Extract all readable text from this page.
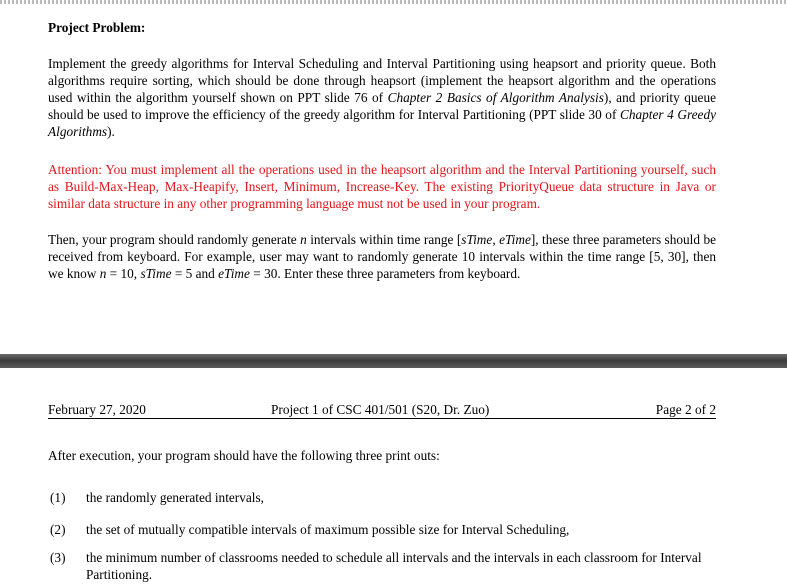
Project Problem:
Implement the greedy algorithms for Interval Scheduling and Interval Partitioning using heapsort and priority queue. Both algorithms require sorting, which should be done through heapsort (implement the heapsort algorithm and the operations used within the algorithm yourself shown on PPT slide 76 of Chapter 2 Basics of Algorithm Analysis), and priority queue should be used to improve the efficiency of the greedy algorithm for Interval Partitioning (PPT slide 30 of Chapter 4 Greedy Algorithms).
Attention: You must implement all the operations used in the heapsort algorithm and the Interval Partitioning yourself, such as Build-Max-Heap, Max-Heapify, Insert, Minimum, Increase-Key. The existing PriorityQueue data structure in Java or similar data structure in any other programming language must not be used in your program.
Then, your program should randomly generate n intervals within time range [sTime, eTime], these three parameters should be received from keyboard. For example, user may want to randomly generate 10 intervals within the time range [5, 30], then we know n = 10, sTime = 5 and eTime = 30. Enter these three parameters from keyboard.
February 27, 2020	Project 1 of CSC 401/501 (S20, Dr. Zuo)	Page 2 of 2
After execution, your program should have the following three print outs:
(1) the randomly generated intervals,
(2) the set of mutually compatible intervals of maximum possible size for Interval Scheduling,
(3) the minimum number of classrooms needed to schedule all intervals and the intervals in each classroom for Interval Partitioning.
